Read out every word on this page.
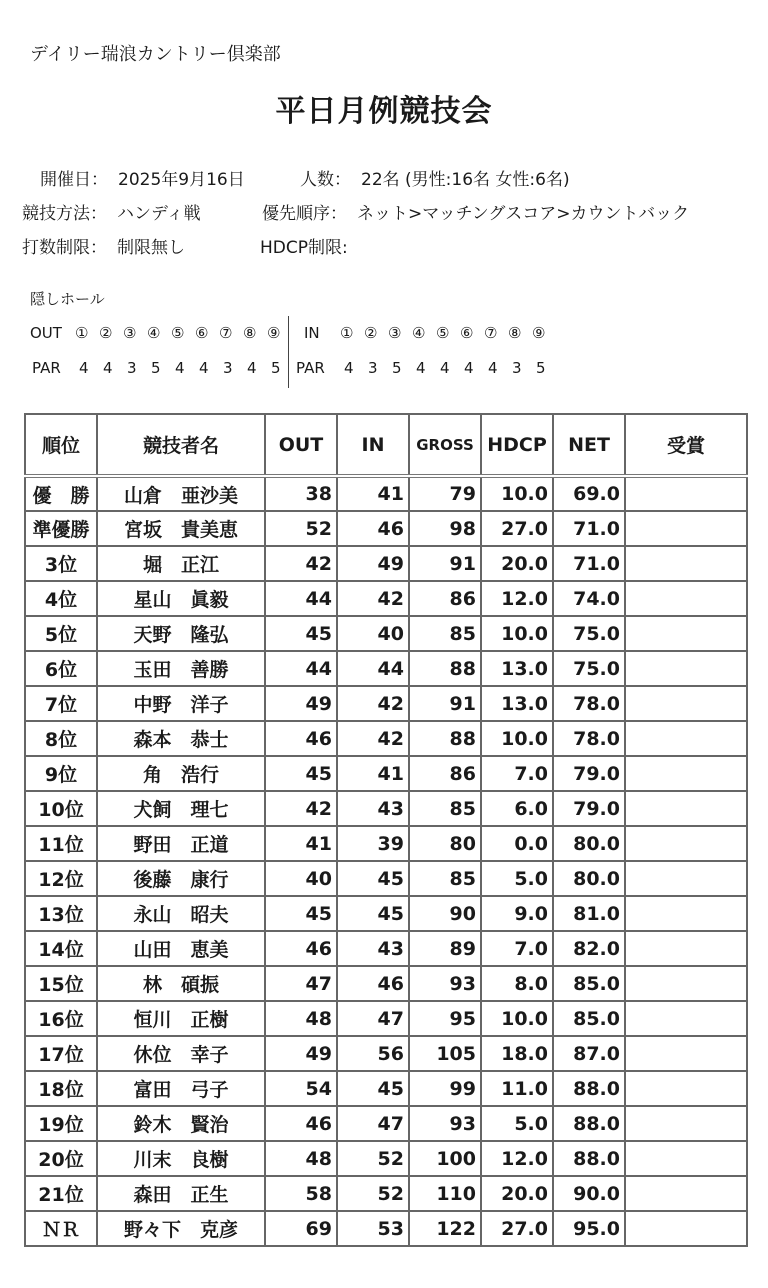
デイリー瑞浪カントリー倶楽部
平日月例競技会
開催日： 2025年9月16日	人数： 22名 (男性:16名 女性:6名)
競技方法： ハンディ戦	優先順序： ネット>マッチングスコア>カウントバック
打数制限： 制限無し	HDCP制限:
隠しホール
OUT ① ② ③ ④ ⑤ ⑥ ⑦ ⑧ ⑨ IN ① ② ③ ④ ⑤ ⑥ ⑦ ⑧ ⑨
PAR 4 4 3 5 4 4 3 4 5 PAR 4 3 5 4 4 4 4 3 5
順位	競技者名	OUT	IN	GROSS	HDCP	NET	受賞
優　勝	山倉　亜沙美	38	41	79	10.0	69.0	
準優勝	宮坂　貴美恵	52	46	98	27.0	71.0	
3位	堀　正江	42	49	91	20.0	71.0	
4位	星山　眞毅	44	42	86	12.0	74.0	
5位	天野　隆弘	45	40	85	10.0	75.0	
6位	玉田　善勝	44	44	88	13.0	75.0	
7位	中野　洋子	49	42	91	13.0	78.0	
8位	森本　恭士	46	42	88	10.0	78.0	
9位	角　浩行	45	41	86	7.0	79.0	
10位	犬飼　理七	42	43	85	6.0	79.0	
11位	野田　正道	41	39	80	0.0	80.0	
12位	後藤　康行	40	45	85	5.0	80.0	
13位	永山　昭夫	45	45	90	9.0	81.0	
14位	山田　恵美	46	43	89	7.0	82.0	
15位	林　碩振	47	46	93	8.0	85.0	
16位	恒川　正樹	48	47	95	10.0	85.0	
17位	休位　幸子	49	56	105	18.0	87.0	
18位	富田　弓子	54	45	99	11.0	88.0	
19位	鈴木　賢治	46	47	93	5.0	88.0	
20位	川末　良樹	48	52	100	12.0	88.0	
21位	森田　正生	58	52	110	20.0	90.0	
ＮＲ	野々下　克彦	69	53	122	27.0	95.0	
